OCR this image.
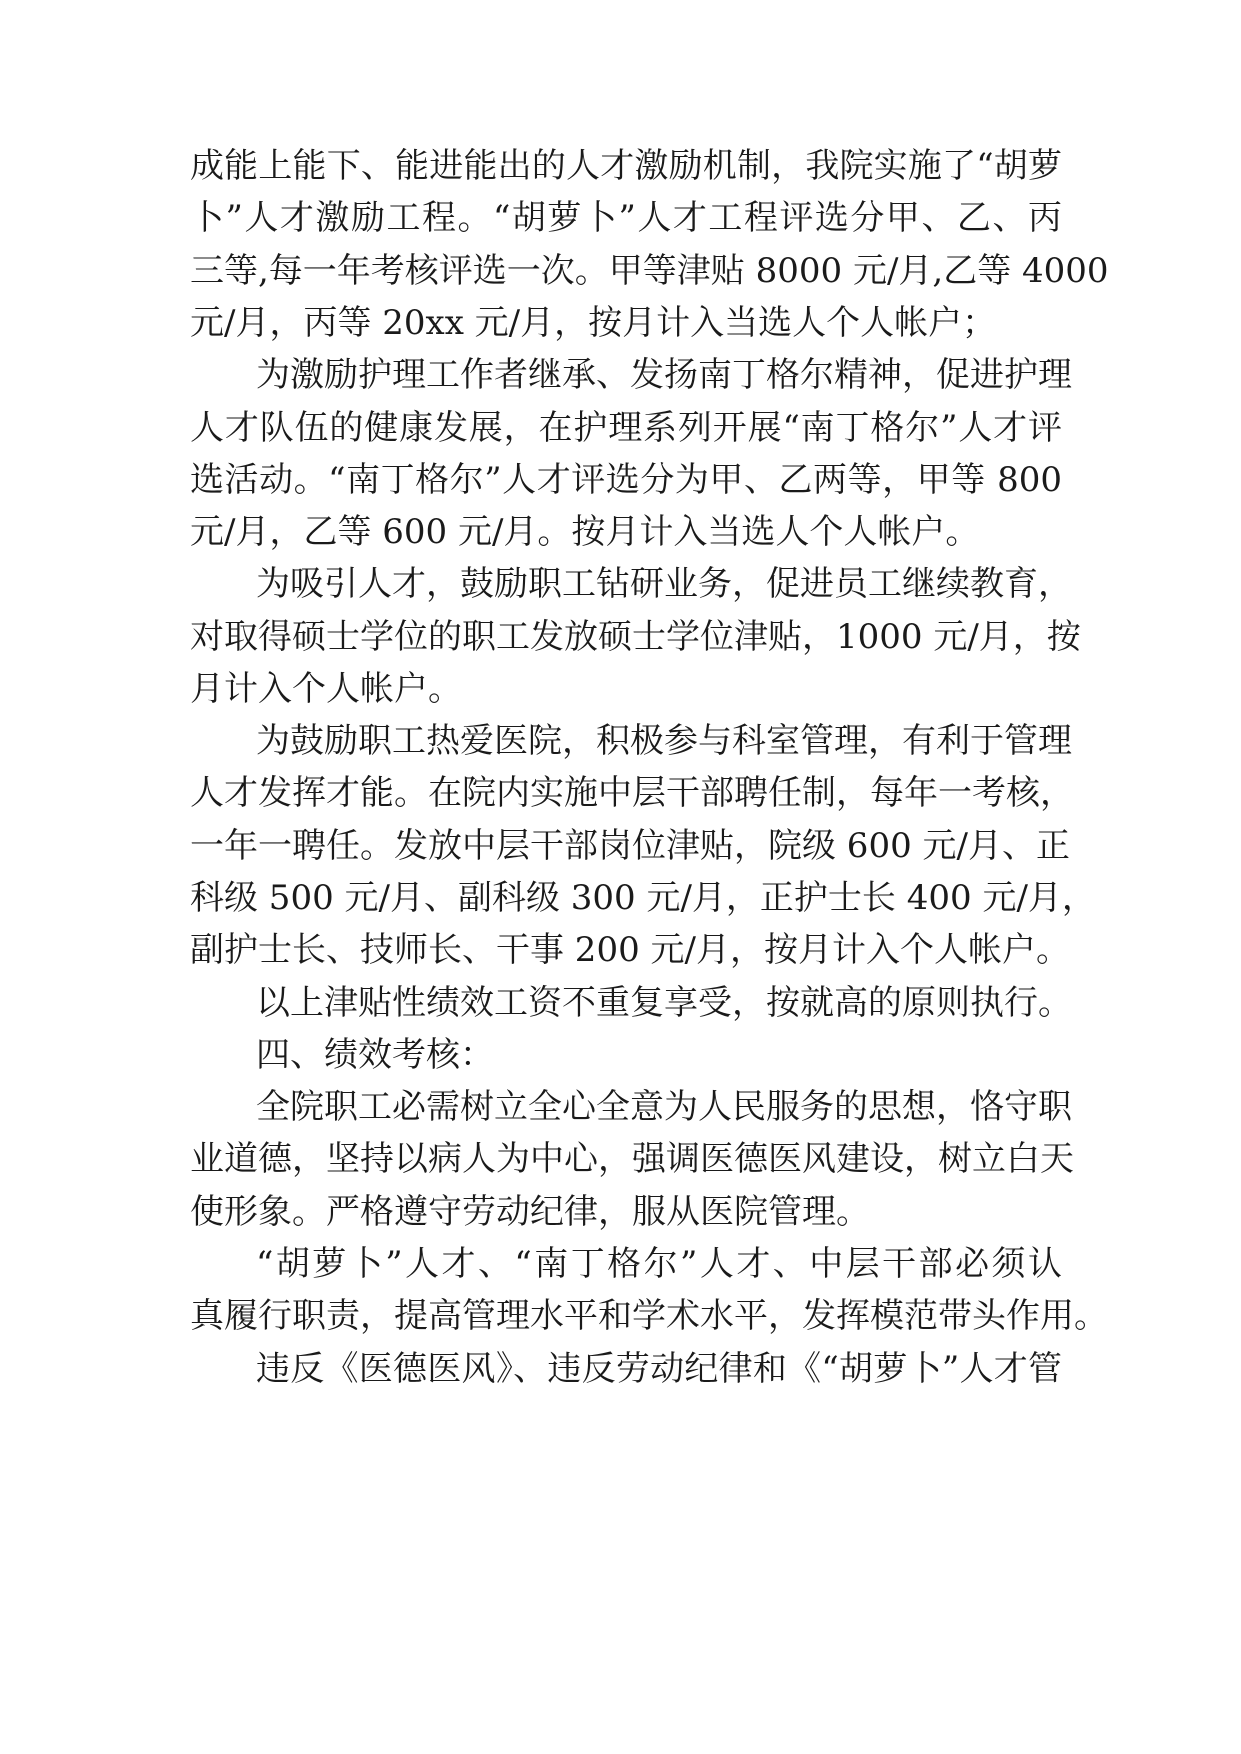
成能上能下、能进能出的人才激励机制，我院实施了“胡萝

卜”人才激励工程。“胡萝卜”人才工程评选分甲、乙、丙

三等,每一年考核评选一次。甲等津贴 8000 元/月,乙等 4000

元/月，丙等 20xx 元/月，按月计入当选人个人帐户；

为激励护理工作者继承、发扬南丁格尔精神，促进护理

人才队伍的健康发展，在护理系列开展“南丁格尔”人才评

选活动。“南丁格尔”人才评选分为甲、乙两等，甲等 800

元/月，乙等 600 元/月。按月计入当选人个人帐户。

为吸引人才，鼓励职工钻研业务，促进员工继续教育，

对取得硕士学位的职工发放硕士学位津贴，1000 元/月，按

月计入个人帐户。

为鼓励职工热爱医院，积极参与科室管理，有利于管理

人才发挥才能。在院内实施中层干部聘任制，每年一考核，

一年一聘任。发放中层干部岗位津贴，院级 600 元/月、正

科级 500 元/月、副科级 300 元/月，正护士长 400 元/月，

副护士长、技师长、干事 200 元/月，按月计入个人帐户。

以上津贴性绩效工资不重复享受，按就高的原则执行。

四、绩效考核：

全院职工必需树立全心全意为人民服务的思想，恪守职

业道德，坚持以病人为中心，强调医德医风建设，树立白天

使形象。严格遵守劳动纪律，服从医院管理。

“胡萝卜”人才、“南丁格尔”人才、中层干部必须认

真履行职责，提高管理水平和学术水平，发挥模范带头作用。

违反《医德医风》、违反劳动纪律和《“胡萝卜”人才管
